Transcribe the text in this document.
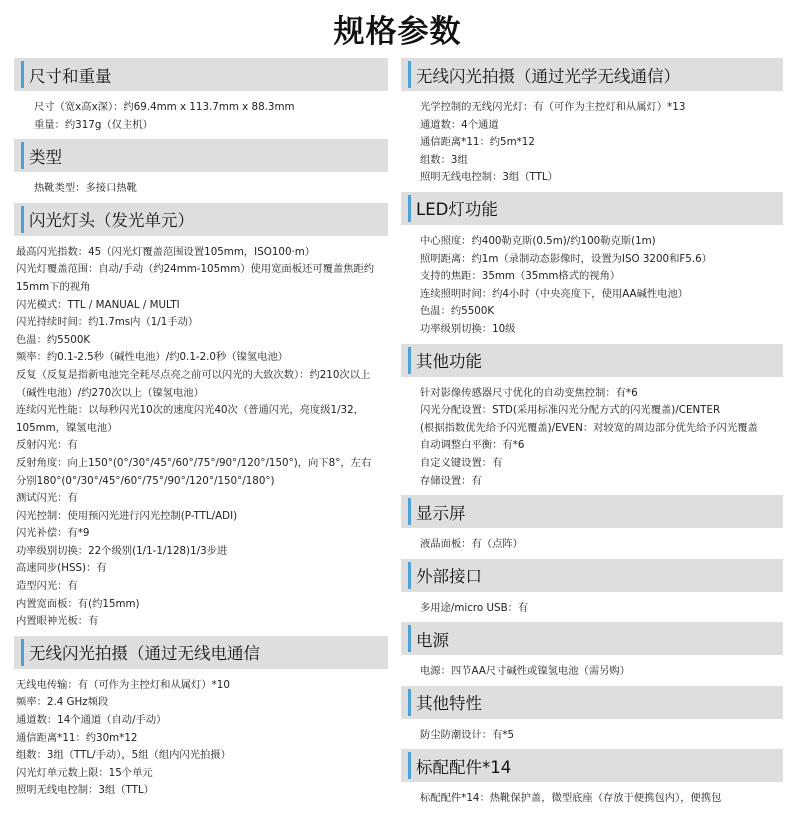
规格参数
尺寸和重量
尺寸（宽x高x深）：约69.4mm x 113.7mm x 88.3mm
重量：约317g（仅主机）
类型
热靴类型：多接口热靴
闪光灯头（发光单元）
最高闪光指数：45（闪光灯覆盖范围设置105mm，ISO100·m）
闪光灯覆盖范围：自动/手动（约24mm-105mm）使用宽面板还可覆盖焦距约
15mm下的视角
闪光模式：TTL / MANUAL / MULTI
闪光持续时间：约1.7ms内（1/1手动）
色温：约5500K
频率：约0.1-2.5秒（碱性电池）/约0.1-2.0秒（镍氢电池）
反复（反复是指新电池完全耗尽点亮之前可以闪光的大致次数）：约210次以上
（碱性电池）/约270次以上（镍氢电池）
连续闪光性能：以每秒闪光10次的速度闪光40次（普通闪光，亮度级1/32，
105mm，镍氢电池）
反射闪光：有
反射角度：向上150°(0°/30°/45°/60°/75°/90°/120°/150°)，向下8°，左右
分别180°(0°/30°/45°/60°/75°/90°/120°/150°/180°)
测试闪光：有
闪光控制：使用预闪光进行闪光控制(P-TTL/ADI)
闪光补偿：有*9
功率级别切换：22个级别(1/1-1/128)1/3步进
高速同步(HSS)：有
造型闪光：有
内置宽面板：有(约15mm)
内置眼神光板：有
无线闪光拍摄（通过无线电通信
无线电传输：有（可作为主控灯和从属灯）*10
频率：2.4 GHz频段
通道数：14个通道（自动/手动）
通信距离*11：约30m*12
组数：3组（TTL/手动），5组（组内闪光拍摄）
闪光灯单元数上限：15个单元
照明无线电控制：3组（TTL）
无线闪光拍摄（通过光学无线通信）
光学控制的无线闪光灯：有（可作为主控灯和从属灯）*13
通道数：4个通道
通信距离*11：约5m*12
组数：3组
照明无线电控制：3组（TTL）
LED灯功能
中心照度：约400勒克斯(0.5m)/约100勒克斯(1m)
照明距离：约1m（录制动态影像时，设置为ISO 3200和F5.6）
支持的焦距：35mm（35mm格式的视角）
连续照明时间：约4小时（中央亮度下，使用AA碱性电池）
色温：约5500K
功率级别切换：10级
其他功能
针对影像传感器尺寸优化的自动变焦控制：有*6
闪光分配设置：STD(采用标准闪光分配方式的闪光覆盖)/CENTER
(根据指数优先给予闪光覆盖)/EVEN：对较宽的周边部分优先给予闪光覆盖
自动调整白平衡：有*6
自定义键设置：有
存储设置：有
显示屏
液晶面板：有（点阵）
外部接口
多用途/micro USB：有
电源
电源：四节AA尺寸碱性或镍氢电池（需另购）
其他特性
防尘防潮设计：有*5
标配配件*14
标配配件*14：热靴保护盖，微型底座（存放于便携包内），便携包
